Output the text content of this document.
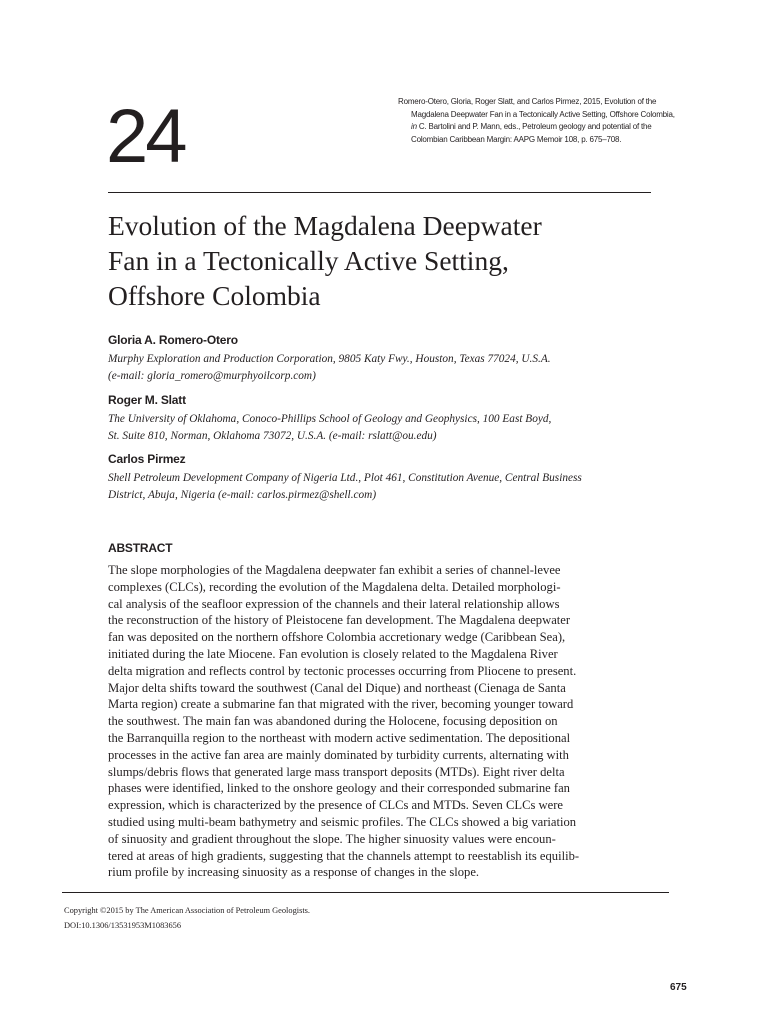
24	Romero-Otero, Gloria, Roger Slatt, and Carlos Pirmez, 2015, Evolution of the
Magdalena Deepwater Fan in a Tectonically Active Setting, Offshore Colombia,
in C. Bartolini and P. Mann, eds., Petroleum geology and potential of the
Colombian Caribbean Margin: AAPG Memoir 108, p. 675–708.
Evolution of the Magdalena Deepwater
Fan in a Tectonically Active Setting,
Offshore Colombia
Gloria A. Romero-Otero
Murphy Exploration and Production Corporation, 9805 Katy Fwy., Houston, Texas 77024, U.S.A.
(e-mail: gloria_romero@murphyoilcorp.com)
Roger M. Slatt
The University of Oklahoma, Conoco-Phillips School of Geology and Geophysics, 100 East Boyd,
St. Suite 810, Norman, Oklahoma 73072, U.S.A. (e-mail: rslatt@ou.edu)
Carlos Pirmez
Shell Petroleum Development Company of Nigeria Ltd., Plot 461, Constitution Avenue, Central Business
District, Abuja, Nigeria (e-mail: carlos.pirmez@shell.com)
ABSTRACT
The slope morphologies of the Magdalena deepwater fan exhibit a series of channel-levee
complexes (CLCs), recording the evolution of the Magdalena delta. Detailed morphologi-
cal analysis of the seafloor expression of the channels and their lateral relationship allows
the reconstruction of the history of Pleistocene fan development. The Magdalena deepwater
fan was deposited on the northern offshore Colombia accretionary wedge (Caribbean Sea),
initiated during the late Miocene. Fan evolution is closely related to the Magdalena River
delta migration and reflects control by tectonic processes occurring from Pliocene to present.
Major delta shifts toward the southwest (Canal del Dique) and northeast (Cienaga de Santa
Marta region) create a submarine fan that migrated with the river, becoming younger toward
the southwest. The main fan was abandoned during the Holocene, focusing deposition on
the Barranquilla region to the northeast with modern active sedimentation. The depositional
processes in the active fan area are mainly dominated by turbidity currents, alternating with
slumps/debris flows that generated large mass transport deposits (MTDs). Eight river delta
phases were identified, linked to the onshore geology and their corresponded submarine fan
expression, which is characterized by the presence of CLCs and MTDs. Seven CLCs were
studied using multi-beam bathymetry and seismic profiles. The CLCs showed a big variation
of sinuosity and gradient throughout the slope. The higher sinuosity values were encoun-
tered at areas of high gradients, suggesting that the channels attempt to reestablish its equilib-
rium profile by increasing sinuosity as a response of changes in the slope.
Copyright ©2015 by The American Association of Petroleum Geologists.
DOI:10.1306/13531953M1083656
675
